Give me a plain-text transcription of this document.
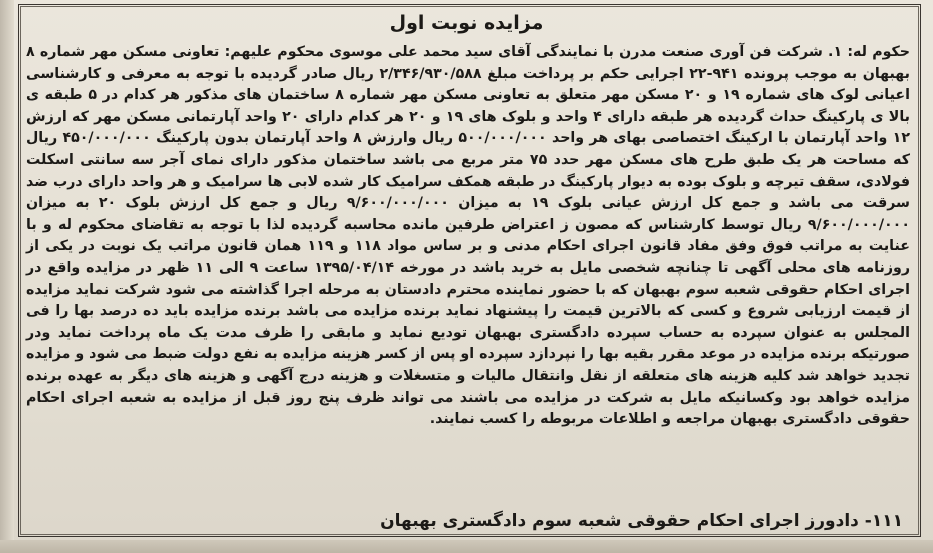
مزایده نوبت اول
حکوم له: ۱. شرکت فن آوری صنعت مدرن با نمایندگی آقای سید محمد علی موسوی محکوم علیهم: تعاونی مسکن مهر شماره ۸ بهبهان به موجب پرونده ۹۴۱-۲۲ اجرایی حکم بر پرداخت مبلغ ۲/۳۴۶/۹۳۰/۵۸۸ ریال صادر گردیده با توجه به معرفی و کارشناسی اعیانی لوک های شماره ۱۹ و ۲۰ مسکن مهر متعلق به تعاونی مسکن مهر شماره ۸ ساختمان های مذکور هر کدام در ۵ طبقه ی بالا ی پارکینگ حداث گردیده هر طبقه دارای ۴ واحد و بلوک های ۱۹ و ۲۰ هر کدام دارای ۲۰ واحد آپارتمانی مسکن مهر که ارزش ۱۲ واحد آپارتمان با ارکینگ اختصاصی بهای هر واحد ۵۰۰/۰۰۰/۰۰۰ ریال وارزش ۸ واحد آپارتمان بدون پارکینگ ۴۵۰/۰۰۰/۰۰۰ ریال که مساحت هر یک طبق طرح های مسکن مهر حدد ۷۵ متر مربع می باشد ساختمان مذکور دارای نمای آجر سه سانتی اسکلت فولادی، سقف تیرچه و بلوک بوده به دیوار پارکینگ در طبقه همکف سرامیک کار شده لابی ها سرامیک و هر واحد دارای درب ضد سرقت می باشد و جمع کل ارزش عیانی بلوک ۱۹ به میزان ۹/۶۰۰/۰۰۰/۰۰۰ ریال و جمع کل ارزش بلوک ۲۰ به میزان ۹/۶۰۰/۰۰۰/۰۰۰ ریال توسط کارشناس که مصون ز اعتراض طرفین مانده محاسبه گردیده لذا با توجه به تقاضای محکوم له و با عنایت به مراتب فوق وفق مفاد قانون اجرای احکام مدنی و بر ساس مواد ۱۱۸ و ۱۱۹ همان قانون مراتب یک نوبت در یکی از روزنامه های محلی آگهی تا چنانچه شخصی مایل به خرید باشد در مورخه ۱۳۹۵/۰۴/۱۴ ساعت ۹ الی ۱۱ ظهر در مزایده واقع در اجرای احکام حقوقی شعبه سوم بهبهان که با حضور نماینده محترم دادستان به مرحله اجرا گذاشته می شود شرکت نماید مزایده از قیمت ارزیابی شروع و کسی که بالاترین قیمت را پیشنهاد نماید برنده مزایده می باشد برنده مزایده باید ده درصد بها را فی المجلس به عنوان سپرده به حساب سپرده دادگستری بهبهان تودیع نماید و مابقی را ظرف مدت یک ماه پرداخت نماید ودر صورتیکه برنده مزایده در موعد مقرر بقیه بها را نپردازد سپرده او پس از کسر هزینه مزایده به نفع دولت ضبط می شود و مزایده تجدید خواهد شد کلیه هزینه های متعلقه از نقل وانتقال مالیات و متسغلات و هزینه درج آگهی و هزینه های دیگر به عهده برنده مزایده خواهد بود وکسانیکه مایل به شرکت در مزایده می باشند می تواند ظرف پنج روز قبل از مزایده به شعبه اجرای احکام حقوقی دادگستری بهبهان مراجعه و اطلاعات مربوطه را کسب نمایند.
۱۱۱- دادورز اجرای احکام حقوقی شعبه سوم دادگستری بهبهان
